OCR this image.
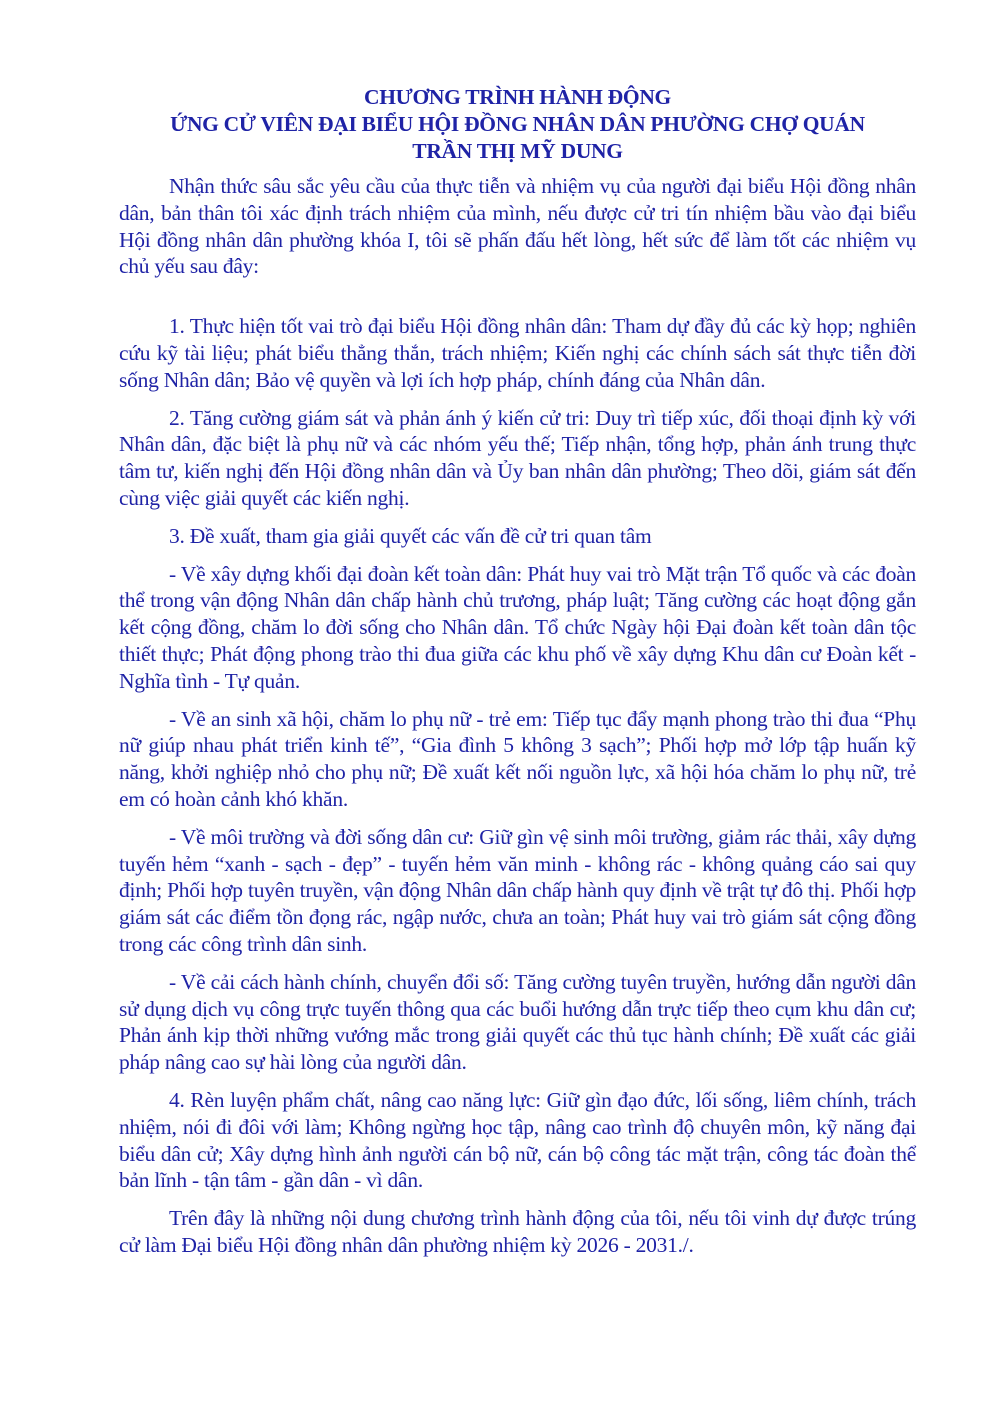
CHƯƠNG TRÌNH HÀNH ĐỘNG
ỨNG CỬ VIÊN ĐẠI BIỂU HỘI ĐỒNG NHÂN DÂN PHƯỜNG CHỢ QUÁN
TRẦN THỊ MỸ DUNG

Nhận thức sâu sắc yêu cầu của thực tiễn và nhiệm vụ của người đại biểu Hội đồng nhân dân, bản thân tôi xác định trách nhiệm của mình, nếu được cử tri tín nhiệm bầu vào đại biểu Hội đồng nhân dân phường khóa I, tôi sẽ phấn đấu hết lòng, hết sức để làm tốt các nhiệm vụ chủ yếu sau đây:

1. Thực hiện tốt vai trò đại biểu Hội đồng nhân dân: Tham dự đầy đủ các kỳ họp; nghiên cứu kỹ tài liệu; phát biểu thẳng thắn, trách nhiệm; Kiến nghị các chính sách sát thực tiễn đời sống Nhân dân; Bảo vệ quyền và lợi ích hợp pháp, chính đáng của Nhân dân.

2. Tăng cường giám sát và phản ánh ý kiến cử tri: Duy trì tiếp xúc, đối thoại định kỳ với Nhân dân, đặc biệt là phụ nữ và các nhóm yếu thế; Tiếp nhận, tổng hợp, phản ánh trung thực tâm tư, kiến nghị đến Hội đồng nhân dân và Ủy ban nhân dân phường; Theo dõi, giám sát đến cùng việc giải quyết các kiến nghị.

3. Đề xuất, tham gia giải quyết các vấn đề cử tri quan tâm

- Về xây dựng khối đại đoàn kết toàn dân: Phát huy vai trò Mặt trận Tổ quốc và các đoàn thể trong vận động Nhân dân chấp hành chủ trương, pháp luật; Tăng cường các hoạt động gắn kết cộng đồng, chăm lo đời sống cho Nhân dân. Tổ chức Ngày hội Đại đoàn kết toàn dân tộc thiết thực; Phát động phong trào thi đua giữa các khu phố về xây dựng Khu dân cư Đoàn kết - Nghĩa tình - Tự quản.

- Về an sinh xã hội, chăm lo phụ nữ - trẻ em: Tiếp tục đẩy mạnh phong trào thi đua “Phụ nữ giúp nhau phát triển kinh tế”, “Gia đình 5 không 3 sạch”; Phối hợp mở lớp tập huấn kỹ năng, khởi nghiệp nhỏ cho phụ nữ; Đề xuất kết nối nguồn lực, xã hội hóa chăm lo phụ nữ, trẻ em có hoàn cảnh khó khăn.

- Về môi trường và đời sống dân cư: Giữ gìn vệ sinh môi trường, giảm rác thải, xây dựng tuyến hẻm “xanh - sạch - đẹp” - tuyến hẻm văn minh - không rác - không quảng cáo sai quy định; Phối hợp tuyên truyền, vận động Nhân dân chấp hành quy định về trật tự đô thị. Phối hợp giám sát các điểm tồn đọng rác, ngập nước, chưa an toàn; Phát huy vai trò giám sát cộng đồng trong các công trình dân sinh.

- Về cải cách hành chính, chuyển đổi số: Tăng cường tuyên truyền, hướng dẫn người dân sử dụng dịch vụ công trực tuyến thông qua các buổi hướng dẫn trực tiếp theo cụm khu dân cư; Phản ánh kịp thời những vướng mắc trong giải quyết các thủ tục hành chính; Đề xuất các giải pháp nâng cao sự hài lòng của người dân.

4. Rèn luyện phẩm chất, nâng cao năng lực: Giữ gìn đạo đức, lối sống, liêm chính, trách nhiệm, nói đi đôi với làm; Không ngừng học tập, nâng cao trình độ chuyên môn, kỹ năng đại biểu dân cử; Xây dựng hình ảnh người cán bộ nữ, cán bộ công tác mặt trận, công tác đoàn thể bản lĩnh - tận tâm - gần dân - vì dân.

Trên đây là những nội dung chương trình hành động của tôi, nếu tôi vinh dự được trúng cử làm Đại biểu Hội đồng nhân dân phường nhiệm kỳ 2026 - 2031./.
